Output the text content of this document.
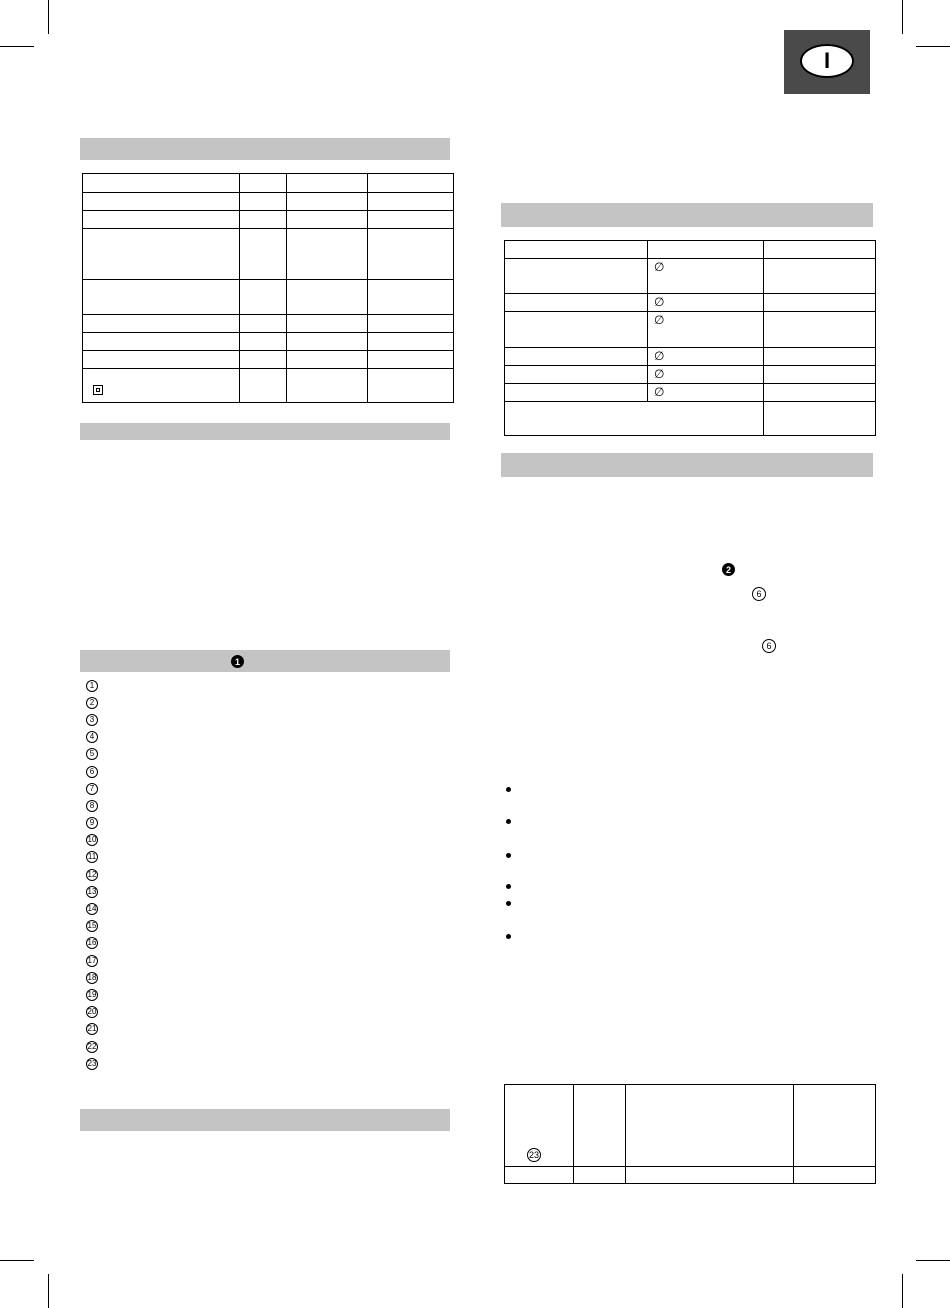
I

1
1
2
3
4
5
6
7
8
9
10
11
12
13
14
15
16
17
18
19
20
21
22
23

	∅	
	∅	
	∅	
	∅	
	∅	
	∅	

2
6
6
23			
